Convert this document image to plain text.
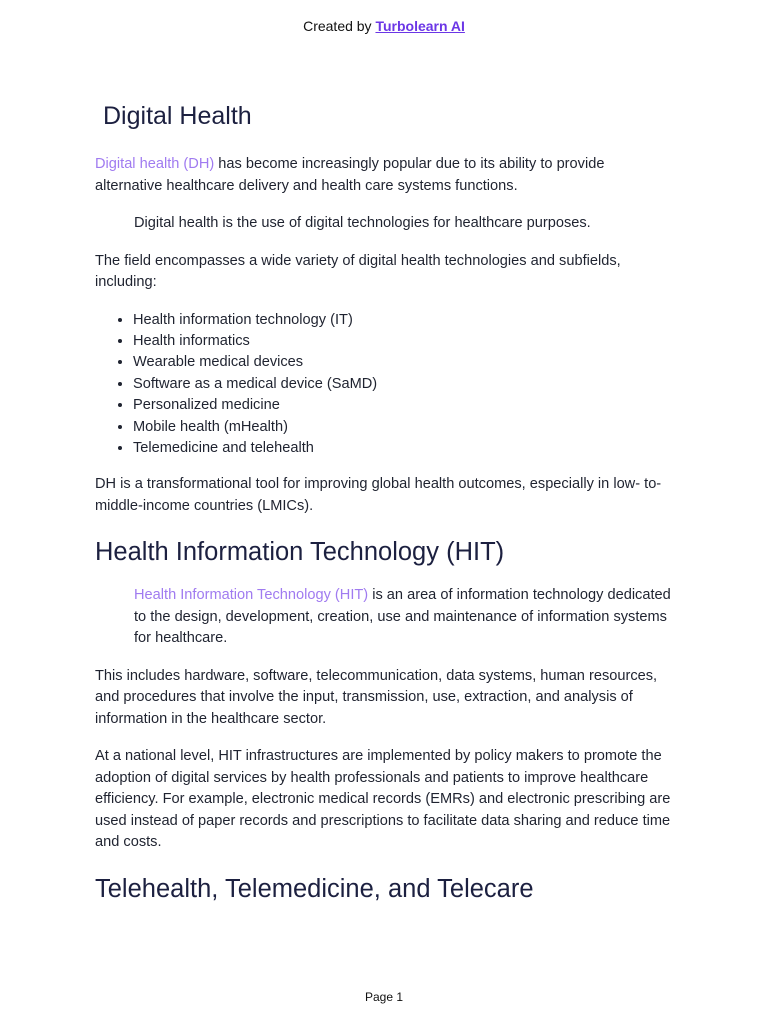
Created by Turbolearn AI
Digital Health

Digital health (DH) has become increasingly popular due to its ability to provide alternative healthcare delivery and health care systems functions.

Digital health is the use of digital technologies for healthcare purposes.

The field encompasses a wide variety of digital health technologies and subfields, including:

• Health information technology (IT)
• Health informatics
• Wearable medical devices
• Software as a medical device (SaMD)
• Personalized medicine
• Mobile health (mHealth)
• Telemedicine and telehealth

DH is a transformational tool for improving global health outcomes, especially in low- to-middle-income countries (LMICs).

Health Information Technology (HIT)

Health Information Technology (HIT) is an area of information technology dedicated to the design, development, creation, use and maintenance of information systems for healthcare.

This includes hardware, software, telecommunication, data systems, human resources, and procedures that involve the input, transmission, use, extraction, and analysis of information in the healthcare sector.

At a national level, HIT infrastructures are implemented by policy makers to promote the adoption of digital services by health professionals and patients to improve healthcare efficiency. For example, electronic medical records (EMRs) and electronic prescribing are used instead of paper records and prescriptions to facilitate data sharing and reduce time and costs.

Telehealth, Telemedicine, and Telecare
Page 1
